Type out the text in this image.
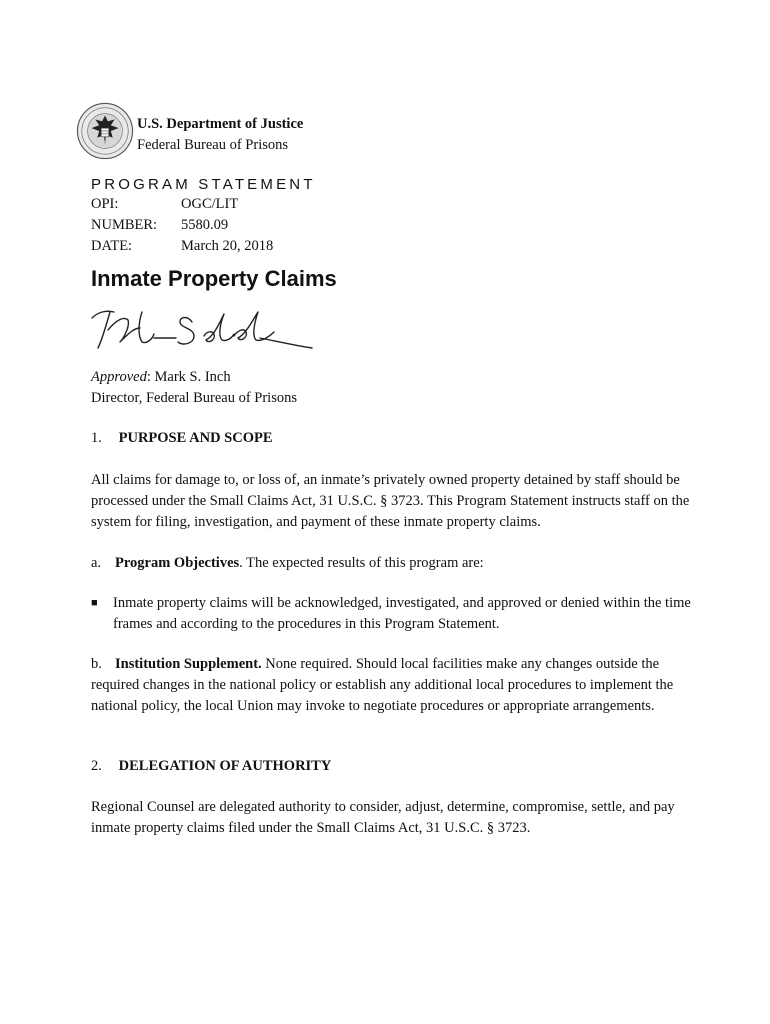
U.S. Department of Justice
Federal Bureau of Prisons
PROGRAM STATEMENT
OPI:	OGC/LIT
NUMBER:	5580.09
DATE:	March 20, 2018
Inmate Property Claims
Approved: Mark S. Inch
Director, Federal Bureau of Prisons
1. PURPOSE AND SCOPE
All claims for damage to, or loss of, an inmate’s privately owned property detained by staff should be processed under the Small Claims Act, 31 U.S.C. § 3723. This Program Statement instructs staff on the system for filing, investigation, and payment of these inmate property claims.
a. Program Objectives. The expected results of this program are:
■	Inmate property claims will be acknowledged, investigated, and approved or denied within the time frames and according to the procedures in this Program Statement.
b. Institution Supplement. None required. Should local facilities make any changes outside the required changes in the national policy or establish any additional local procedures to implement the national policy, the local Union may invoke to negotiate procedures or appropriate arrangements.
2. DELEGATION OF AUTHORITY
Regional Counsel are delegated authority to consider, adjust, determine, compromise, settle, and pay inmate property claims filed under the Small Claims Act, 31 U.S.C. § 3723.
